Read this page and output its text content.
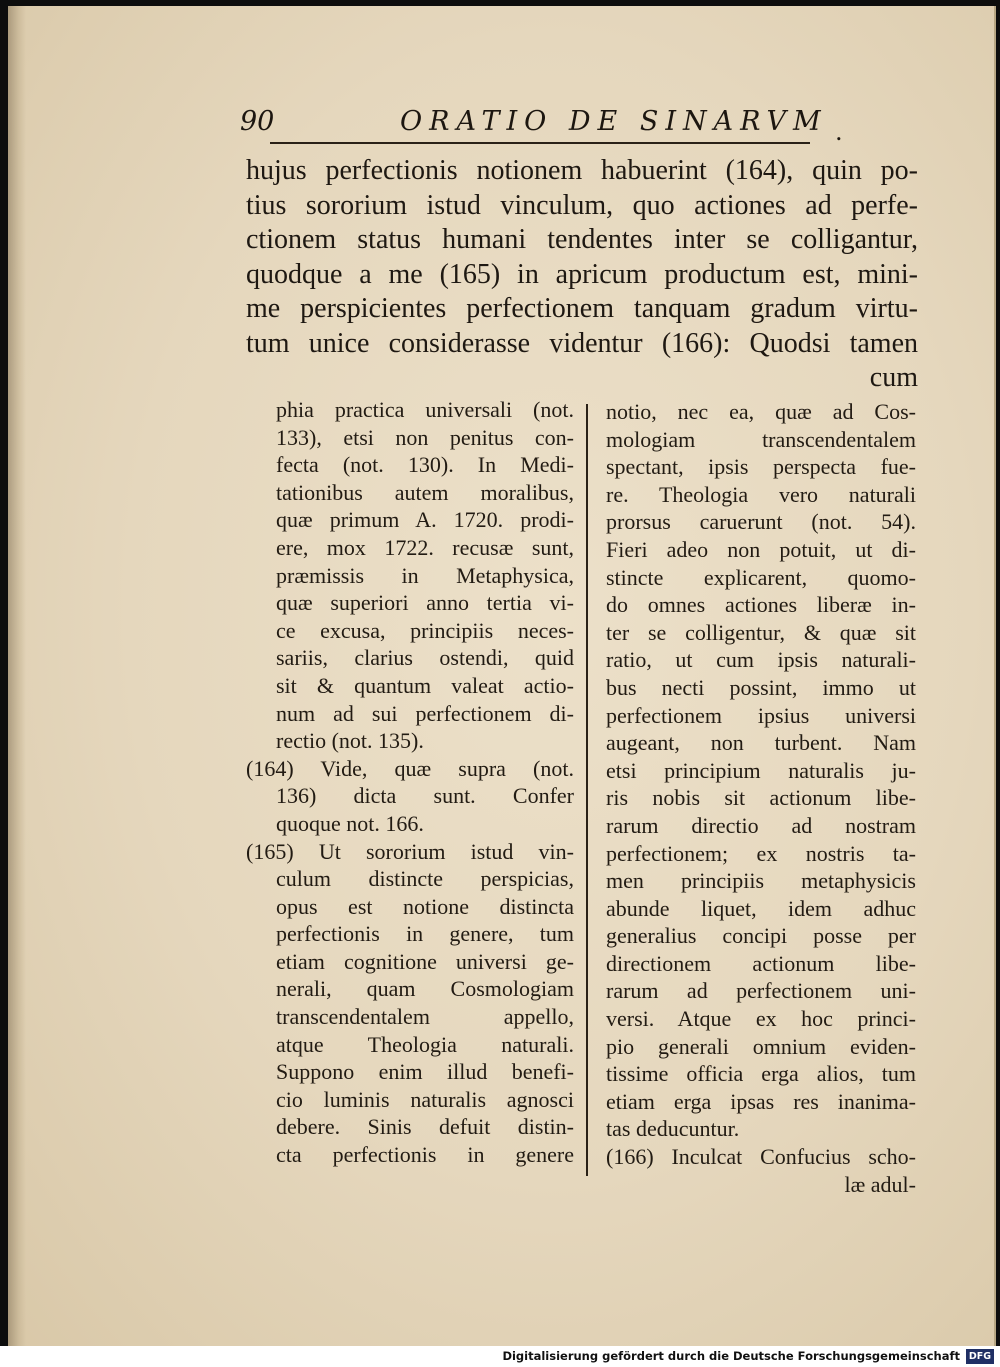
90	ORATIO DE SINARVM .
hujus perfectionis notionem habuerint (164), quin po-
tius sororium istud vinculum, quo actiones ad perfe-
ctionem status humani tendentes inter se colligantur,
quodque a me (165) in apricum productum est, mini-
me perspicientes perfectionem tanquam gradum virtu-
tum unice considerasse videntur (166): Quodsi tamen
cum
phia practica universali (not.
133), etsi non penitus con-
fecta (not. 130). In Medi-
tationibus autem moralibus,
quæ primum A. 1720. prodi-
ere, mox 1722. recusæ sunt,
præmissis in Metaphysica,
quæ superiori anno tertia vi-
ce excusa, principiis neces-
sariis, clarius ostendi, quid
sit & quantum valeat actio-
num ad sui perfectionem di-
rectio (not. 135).
(164) Vide, quæ supra (not.
136) dicta sunt. Confer
quoque not. 166.
(165) Ut sororium istud vin-
culum distincte perspicias,
opus est notione distincta
perfectionis in genere, tum
etiam cognitione universi ge-
nerali, quam Cosmologiam
transcendentalem appello,
atque Theologia naturali.
Suppono enim illud benefi-
cio luminis naturalis agnosci
debere. Sinis defuit distin-
cta perfectionis in genere
notio, nec ea, quæ ad Cos-
mologiam transcendentalem
spectant, ipsis perspecta fue-
re. Theologia vero naturali
prorsus caruerunt (not. 54).
Fieri adeo non potuit, ut di-
stincte explicarent, quomo-
do omnes actiones liberæ in-
ter se colligentur, & quæ sit
ratio, ut cum ipsis naturali-
bus necti possint, immo ut
perfectionem ipsius universi
augeant, non turbent. Nam
etsi principium naturalis ju-
ris nobis sit actionum libe-
rarum directio ad nostram
perfectionem; ex nostris ta-
men principiis metaphysicis
abunde liquet, idem adhuc
generalius concipi posse per
directionem actionum libe-
rarum ad perfectionem uni-
versi. Atque ex hoc princi-
pio generali omnium eviden-
tissime officia erga alios, tum
etiam erga ipsas res inanima-
tas deducuntur.
(166) Inculcat Confucius scho-
læ adul-
Digitalisierung gefördert durch die Deutsche Forschungsgemeinschaft DFG
